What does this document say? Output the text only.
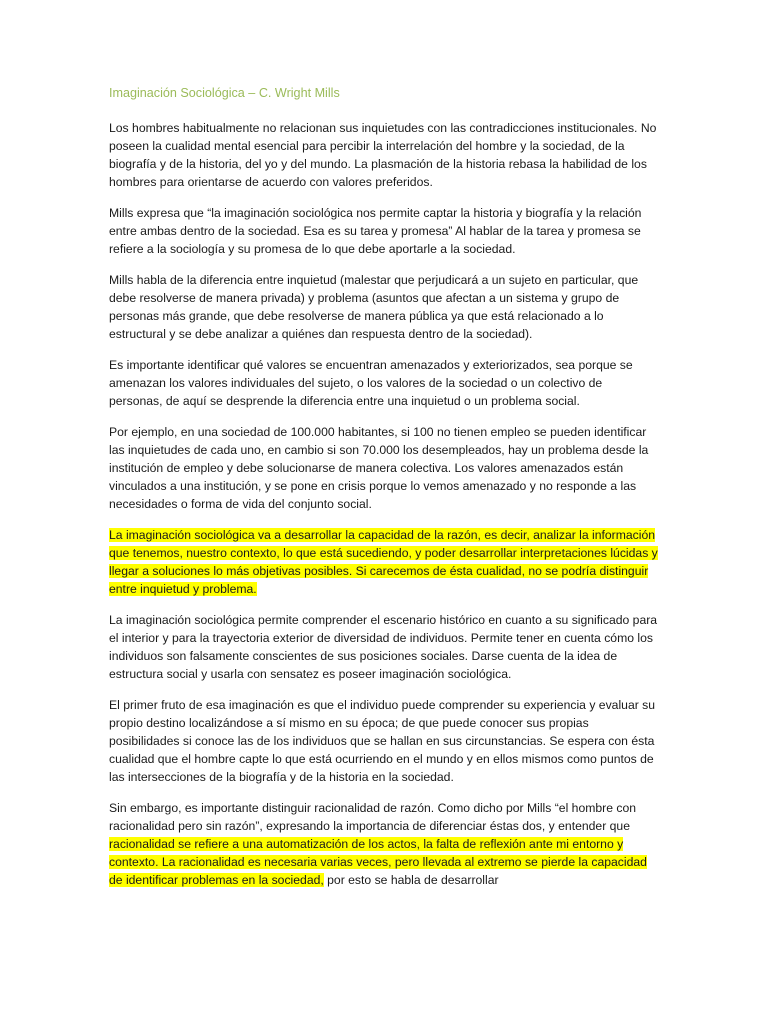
Imaginación Sociológica – C. Wright Mills

Los hombres habitualmente no relacionan sus inquietudes con las contradicciones institucionales. No poseen la cualidad mental esencial para percibir la interrelación del hombre y la sociedad, de la biografía y de la historia, del yo y del mundo. La plasmación de la historia rebasa la habilidad de los hombres para orientarse de acuerdo con valores preferidos.

Mills expresa que “la imaginación sociológica nos permite captar la historia y biografía y la relación entre ambas dentro de la sociedad. Esa es su tarea y promesa” Al hablar de la tarea y promesa se refiere a la sociología y su promesa de lo que debe aportarle a la sociedad.

Mills habla de la diferencia entre inquietud (malestar que perjudicará a un sujeto en particular, que debe resolverse de manera privada) y problema (asuntos que afectan a un sistema y grupo de personas más grande, que debe resolverse de manera pública ya que está relacionado a lo estructural y se debe analizar a quiénes dan respuesta dentro de la sociedad).

Es importante identificar qué valores se encuentran amenazados y exteriorizados, sea porque se amenazan los valores individuales del sujeto, o los valores de la sociedad o un colectivo de personas, de aquí se desprende la diferencia entre una inquietud o un problema social.

Por ejemplo, en una sociedad de 100.000 habitantes, si 100 no tienen empleo se pueden identificar las inquietudes de cada uno, en cambio si son 70.000 los desempleados, hay un problema desde la institución de empleo y debe solucionarse de manera colectiva. Los valores amenazados están vinculados a una institución, y se pone en crisis porque lo vemos amenazado y no responde a las necesidades o forma de vida del conjunto social.

La imaginación sociológica va a desarrollar la capacidad de la razón, es decir, analizar la información que tenemos, nuestro contexto, lo que está sucediendo, y poder desarrollar interpretaciones lúcidas y llegar a soluciones lo más objetivas posibles. Si carecemos de ésta cualidad, no se podría distinguir entre inquietud y problema.

La imaginación sociológica permite comprender el escenario histórico en cuanto a su significado para el interior y para la trayectoria exterior de diversidad de individuos. Permite tener en cuenta cómo los individuos son falsamente conscientes de sus posiciones sociales. Darse cuenta de la idea de estructura social y usarla con sensatez es poseer imaginación sociológica.

El primer fruto de esa imaginación es que el individuo puede comprender su experiencia y evaluar su propio destino localizándose a sí mismo en su época; de que puede conocer sus propias posibilidades si conoce las de los individuos que se hallan en sus circunstancias. Se espera con ésta cualidad que el hombre capte lo que está ocurriendo en el mundo y en ellos mismos como puntos de las intersecciones de la biografía y de la historia en la sociedad.

Sin embargo, es importante distinguir racionalidad de razón. Como dicho por Mills “el hombre con racionalidad pero sin razón”, expresando la importancia de diferenciar éstas dos, y entender que racionalidad se refiere a una automatización de los actos, la falta de reflexión ante mi entorno y contexto. La racionalidad es necesaria varias veces, pero llevada al extremo se pierde la capacidad de identificar problemas en la sociedad, por esto se habla de desarrollar
